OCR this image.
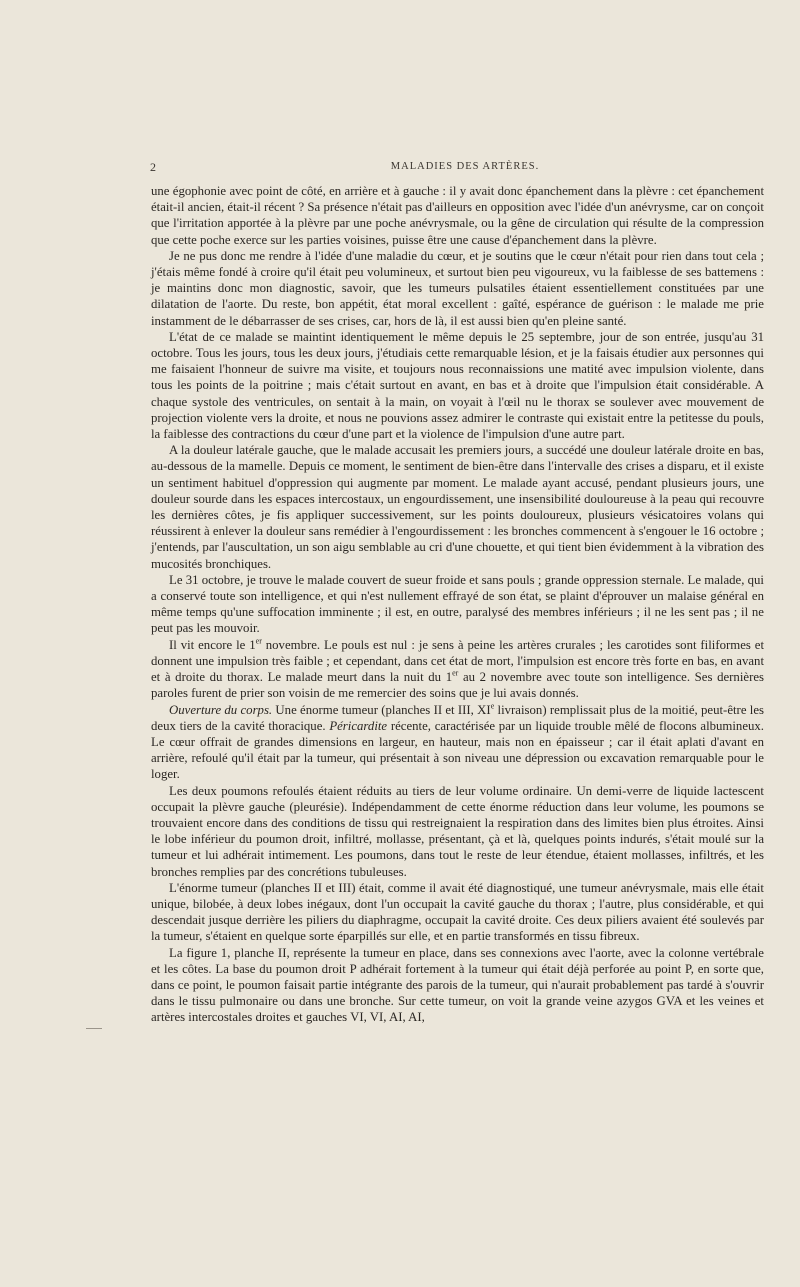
2	MALADIES DES ARTÈRES.

une égophonie avec point de côté, en arrière et à gauche : il y avait donc épanchement dans la plèvre : cet épanchement était-il ancien, était-il récent ? Sa présence n'était pas d'ailleurs en opposition avec l'idée d'un anévrysme, car on conçoit que l'irritation apportée à la plèvre par une poche anévrysmale, ou la gêne de circulation qui résulte de la compression que cette poche exerce sur les parties voisines, puisse être une cause d'épanchement dans la plèvre.

Je ne pus donc me rendre à l'idée d'une maladie du cœur, et je soutins que le cœur n'était pour rien dans tout cela ; j'étais même fondé à croire qu'il était peu volumineux, et surtout bien peu vigoureux, vu la faiblesse de ses battemens : je maintins donc mon diagnostic, savoir, que les tumeurs pulsatiles étaient essentiellement constituées par une dilatation de l'aorte. Du reste, bon appétit, état moral excellent : gaîté, espérance de guérison : le malade me prie instamment de le débarrasser de ses crises, car, hors de là, il est aussi bien qu'en pleine santé.

L'état de ce malade se maintint identiquement le même depuis le 25 septembre, jour de son entrée, jusqu'au 31 octobre. Tous les jours, tous les deux jours, j'étudiais cette remarquable lésion, et je la faisais étudier aux personnes qui me faisaient l'honneur de suivre ma visite, et toujours nous reconnaissions une matité avec impulsion violente, dans tous les points de la poitrine ; mais c'était surtout en avant, en bas et à droite que l'impulsion était considérable. A chaque systole des ventricules, on sentait à la main, on voyait à l'œil nu le thorax se soulever avec mouvement de projection violente vers la droite, et nous ne pouvions assez admirer le contraste qui existait entre la petitesse du pouls, la faiblesse des contractions du cœur d'une part et la violence de l'impulsion d'une autre part.

A la douleur latérale gauche, que le malade accusait les premiers jours, a succédé une douleur latérale droite en bas, au-dessous de la mamelle. Depuis ce moment, le sentiment de bien-être dans l'intervalle des crises a disparu, et il existe un sentiment habituel d'oppression qui augmente par moment. Le malade ayant accusé, pendant plusieurs jours, une douleur sourde dans les espaces intercostaux, un engourdissement, une insensibilité douloureuse à la peau qui recouvre les dernières côtes, je fis appliquer successivement, sur les points douloureux, plusieurs vésicatoires volans qui réussirent à enlever la douleur sans remédier à l'engourdissement : les bronches commencent à s'engouer le 16 octobre ; j'entends, par l'auscultation, un son aigu semblable au cri d'une chouette, et qui tient bien évidemment à la vibration des mucosités bronchiques.

Le 31 octobre, je trouve le malade couvert de sueur froide et sans pouls ; grande oppression sternale. Le malade, qui a conservé toute son intelligence, et qui n'est nullement effrayé de son état, se plaint d'éprouver un malaise général en même temps qu'une suffocation imminente ; il est, en outre, paralysé des membres inférieurs ; il ne les sent pas ; il ne peut pas les mouvoir.

Il vit encore le 1er novembre. Le pouls est nul : je sens à peine les artères crurales ; les carotides sont filiformes et donnent une impulsion très faible ; et cependant, dans cet état de mort, l'impulsion est encore très forte en bas, en avant et à droite du thorax. Le malade meurt dans la nuit du 1er au 2 novembre avec toute son intelligence. Ses dernières paroles furent de prier son voisin de me remercier des soins que je lui avais donnés.

Ouverture du corps. Une énorme tumeur (planches II et III, XIe livraison) remplissait plus de la moitié, peut-être les deux tiers de la cavité thoracique. Péricardite récente, caractérisée par un liquide trouble mêlé de flocons albumineux. Le cœur offrait de grandes dimensions en largeur, en hauteur, mais non en épaisseur ; car il était aplati d'avant en arrière, refoulé qu'il était par la tumeur, qui présentait à son niveau une dépression ou excavation remarquable pour le loger.

Les deux poumons refoulés étaient réduits au tiers de leur volume ordinaire. Un demi-verre de liquide lactescent occupait la plèvre gauche (pleurésie). Indépendamment de cette énorme réduction dans leur volume, les poumons se trouvaient encore dans des conditions de tissu qui restreignaient la respiration dans des limites bien plus étroites. Ainsi le lobe inférieur du poumon droit, infiltré, mollasse, présentant, çà et là, quelques points indurés, s'était moulé sur la tumeur et lui adhérait intimement. Les poumons, dans tout le reste de leur étendue, étaient mollasses, infiltrés, et les bronches remplies par des concrétions tubuleuses.

L'énorme tumeur (planches II et III) était, comme il avait été diagnostiqué, une tumeur anévrysmale, mais elle était unique, bilobée, à deux lobes inégaux, dont l'un occupait la cavité gauche du thorax ; l'autre, plus considérable, et qui descendait jusque derrière les piliers du diaphragme, occupait la cavité droite. Ces deux piliers avaient été soulevés par la tumeur, s'étaient en quelque sorte éparpillés sur elle, et en partie transformés en tissu fibreux.

La figure 1, planche II, représente la tumeur en place, dans ses connexions avec l'aorte, avec la colonne vertébrale et les côtes. La base du poumon droit P adhérait fortement à la tumeur qui était déjà perforée au point P, en sorte que, dans ce point, le poumon faisait partie intégrante des parois de la tumeur, qui n'aurait probablement pas tardé à s'ouvrir dans le tissu pulmonaire ou dans une bronche. Sur cette tumeur, on voit la grande veine azygos GVA et les veines et artères intercostales droites et gauches VI, VI, AI, AI,
